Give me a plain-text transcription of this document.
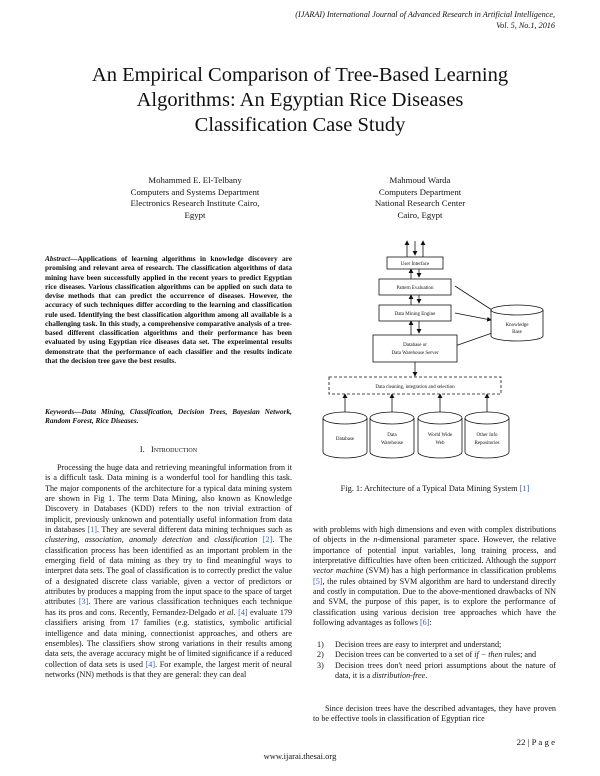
(IJARAI) International Journal of Advanced Research in Artificial Intelligence,
Vol. 5, No.1, 2016
An Empirical Comparison of Tree-Based Learning
Algorithms: An Egyptian Rice Diseases
Classification Case Study
Mohammed E. El-Telbany
Computers and Systems Department
Electronics Research Institute Cairo,
Egypt
Mahmoud Warda
Computers Department
National Research Center
Cairo, Egypt
Abstract—Applications of learning algorithms in knowledge discovery are promising and relevant area of research. The classification algorithms of data mining have been successfully applied in the recent years to predict Egyptian rice diseases. Various classification algorithms can be applied on such data to devise methods that can predict the occurrence of diseases. However, the accuracy of such techniques differ according to the learning and classification rule used. Identifying the best classification algorithm among all available is a challenging task. In this study, a comprehensive comparative analysis of a tree-based different classification algorithms and their performance has been evaluated by using Egyptian rice diseases data set. The experimental results demonstrate that the performance of each classifier and the results indicate that the decision tree gave the best results.
Keywords—Data Mining, Classification, Decision Trees, Bayesian Network, Random Forest, Rice Diseases.
I. Introduction
Processing the huge data and retrieving meaningful information from it is a difficult task. Data mining is a wonderful tool for handling this task. The major components of the architecture for a typical data mining system are shown in Fig 1. The term Data Mining, also known as Knowledge Discovery in Databases (KDD) refers to the non trivial extraction of implicit, previously unknown and potentially useful information from data in databases [1]. They are several different data mining techniques such as clustering, association, anomaly detection and classification [2]. The classification process has been identified as an important problem in the emerging field of data mining as they try to find meaningful ways to interpret data sets. The goal of classification is to correctly predict the value of a designated discrete class variable, given a vector of predictors or attributes by produces a mapping from the input space to the space of target attributes [3]. There are various classification techniques each technique has its pros and cons. Recently, Fernandez-Delgado et al. [4] evaluate 179 classifiers arising from 17 families (e.g. statistics, symbolic artificial intelligence and data mining, connectionist approaches, and others are ensembles). The classifiers show strong variations in their results among data sets, the average accuracy might be of limited significance if a reduced collection of data sets is used [4]. For example, the largest merit of neural networks (NN) methods is that they are general: they can deal
User Interface
Pattern Evaluation
Data Mining Engine
Database or
Data Warehouse Server
Knowledge
Base
Data cleaning, integration and selection
Database
Data
Warehouse
World Wide
Web
Other Info
Repositories
Fig. 1: Architecture of a Typical Data Mining System [1]
with problems with high dimensions and even with complex distributions of objects in the n-dimensional parameter space. However, the relative importance of potential input variables, long training process, and interpretative difficulties have often been criticized. Although the support vector machine (SVM) has a high performance in classification problems [5], the rules obtained by SVM algorithm are hard to understand directly and costly in computation. Due to the above-mentioned drawbacks of NN and SVM, the purpose of this paper, is to explore the performance of classification using various decision tree approaches which have the following advantages as follows [6]:
1) Decision trees are easy to interpret and understand;
2) Decision trees can be converted to a set of if − then rules; and
3) Decision trees don't need priori assumptions about the nature of data, it is a distribution-free.
Since decision trees have the described advantages, they have proven to be effective tools in classification of Egyptian rice
22 | P a g e
www.ijarai.thesai.org
